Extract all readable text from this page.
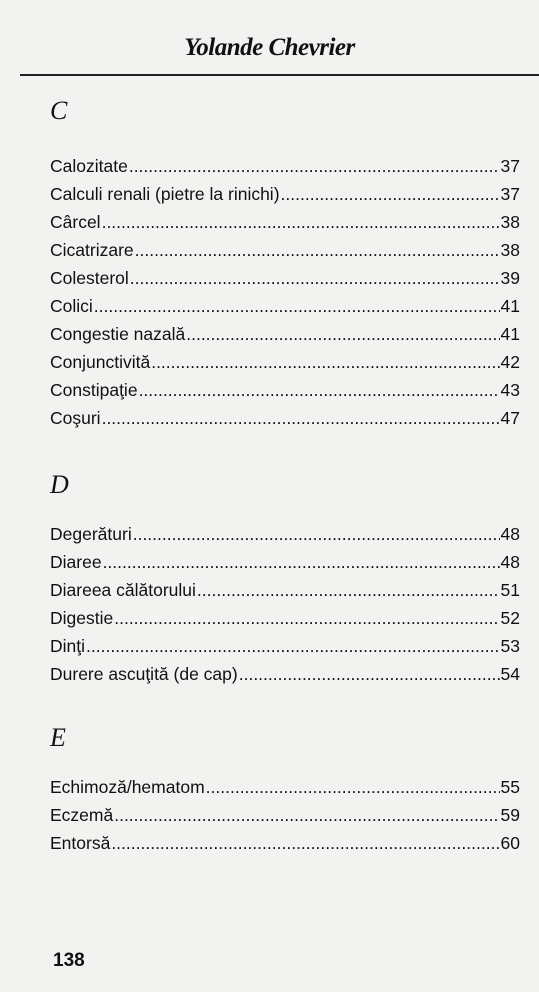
Yolande Chevrier
C
Calozitate .....	37
Calculi renali (pietre la rinichi) .....	37
Cârcel .....	38
Cicatrizare .....	38
Colesterol .....	39
Colici .....	41
Congestie nazală .....	41
Conjunctivită .....	42
Constipaţie .....	43
Coşuri .....	47
D
Degerături .....	48
Diaree .....	48
Diareea călătorului .....	51
Digestie .....	52
Dinţi .....	53
Durere ascuţită (de cap) .....	54
E
Echimoză/hematom .....	55
Eczemă .....	59
Entorsă .....	60
138
